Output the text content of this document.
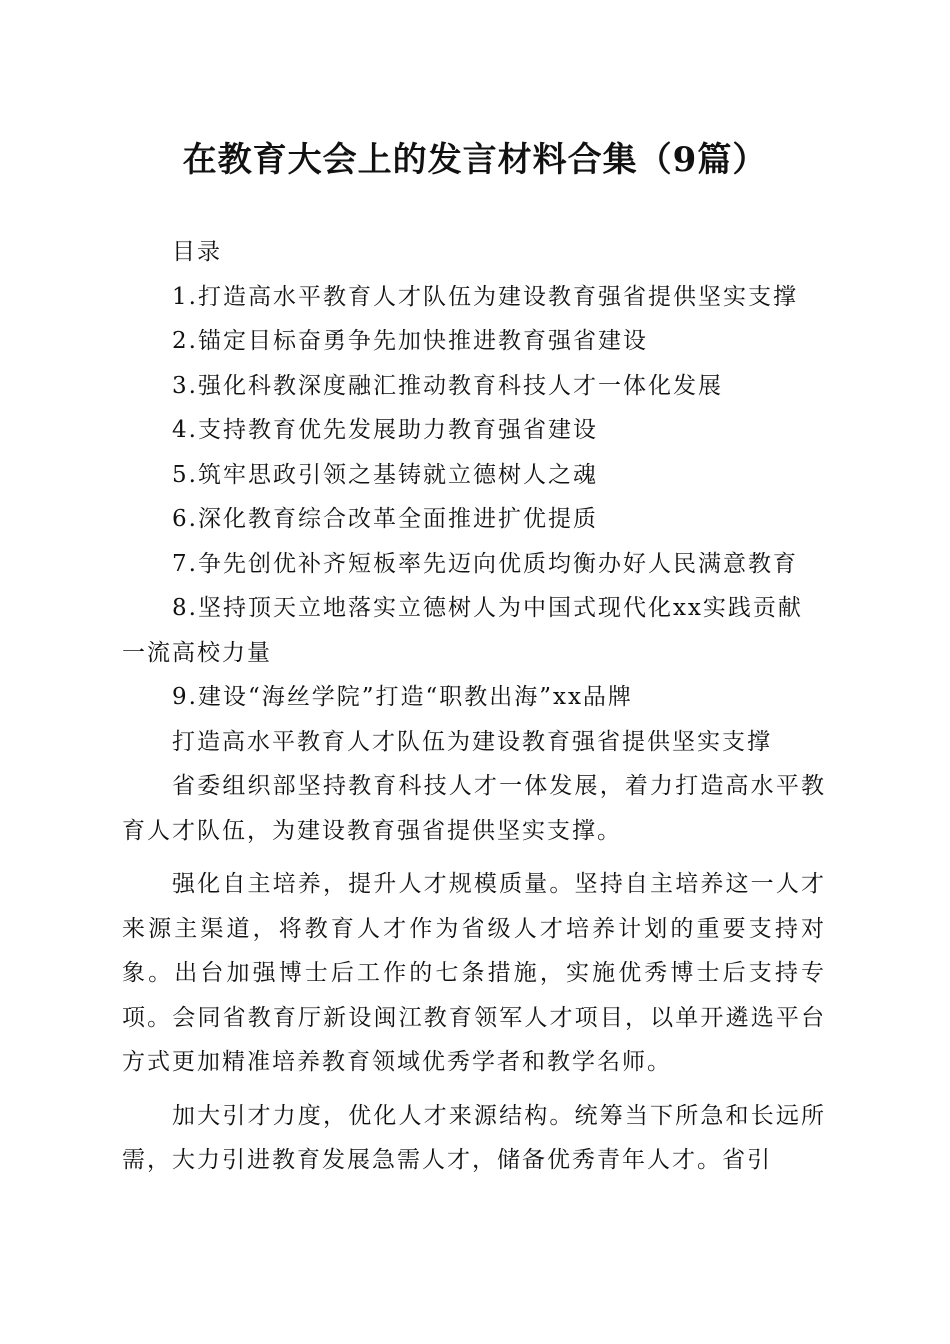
在教育大会上的发言材料合集（9篇）
目录
1.打造高水平教育人才队伍为建设教育强省提供坚实支撑
2.锚定目标奋勇争先加快推进教育强省建设
3.强化科教深度融汇推动教育科技人才一体化发展
4.支持教育优先发展助力教育强省建设
5.筑牢思政引领之基铸就立德树人之魂
6.深化教育综合改革全面推进扩优提质
7.争先创优补齐短板率先迈向优质均衡办好人民满意教育
8.坚持顶天立地落实立德树人为中国式现代化xx实践贡献一流高校力量
9.建设“海丝学院”打造“职教出海”xx品牌
打造高水平教育人才队伍为建设教育强省提供坚实支撑

省委组织部坚持教育科技人才一体发展，着力打造高水平教育人才队伍，为建设教育强省提供坚实支撑。

强化自主培养，提升人才规模质量。坚持自主培养这一人才来源主渠道，将教育人才作为省级人才培养计划的重要支持对象。出台加强博士后工作的七条措施，实施优秀博士后支持专项。会同省教育厅新设闽江教育领军人才项目，以单开遴选平台方式更加精准培养教育领域优秀学者和教学名师。

加大引才力度，优化人才来源结构。统筹当下所急和长远所需，大力引进教育发展急需人才，储备优秀青年人才。省引
